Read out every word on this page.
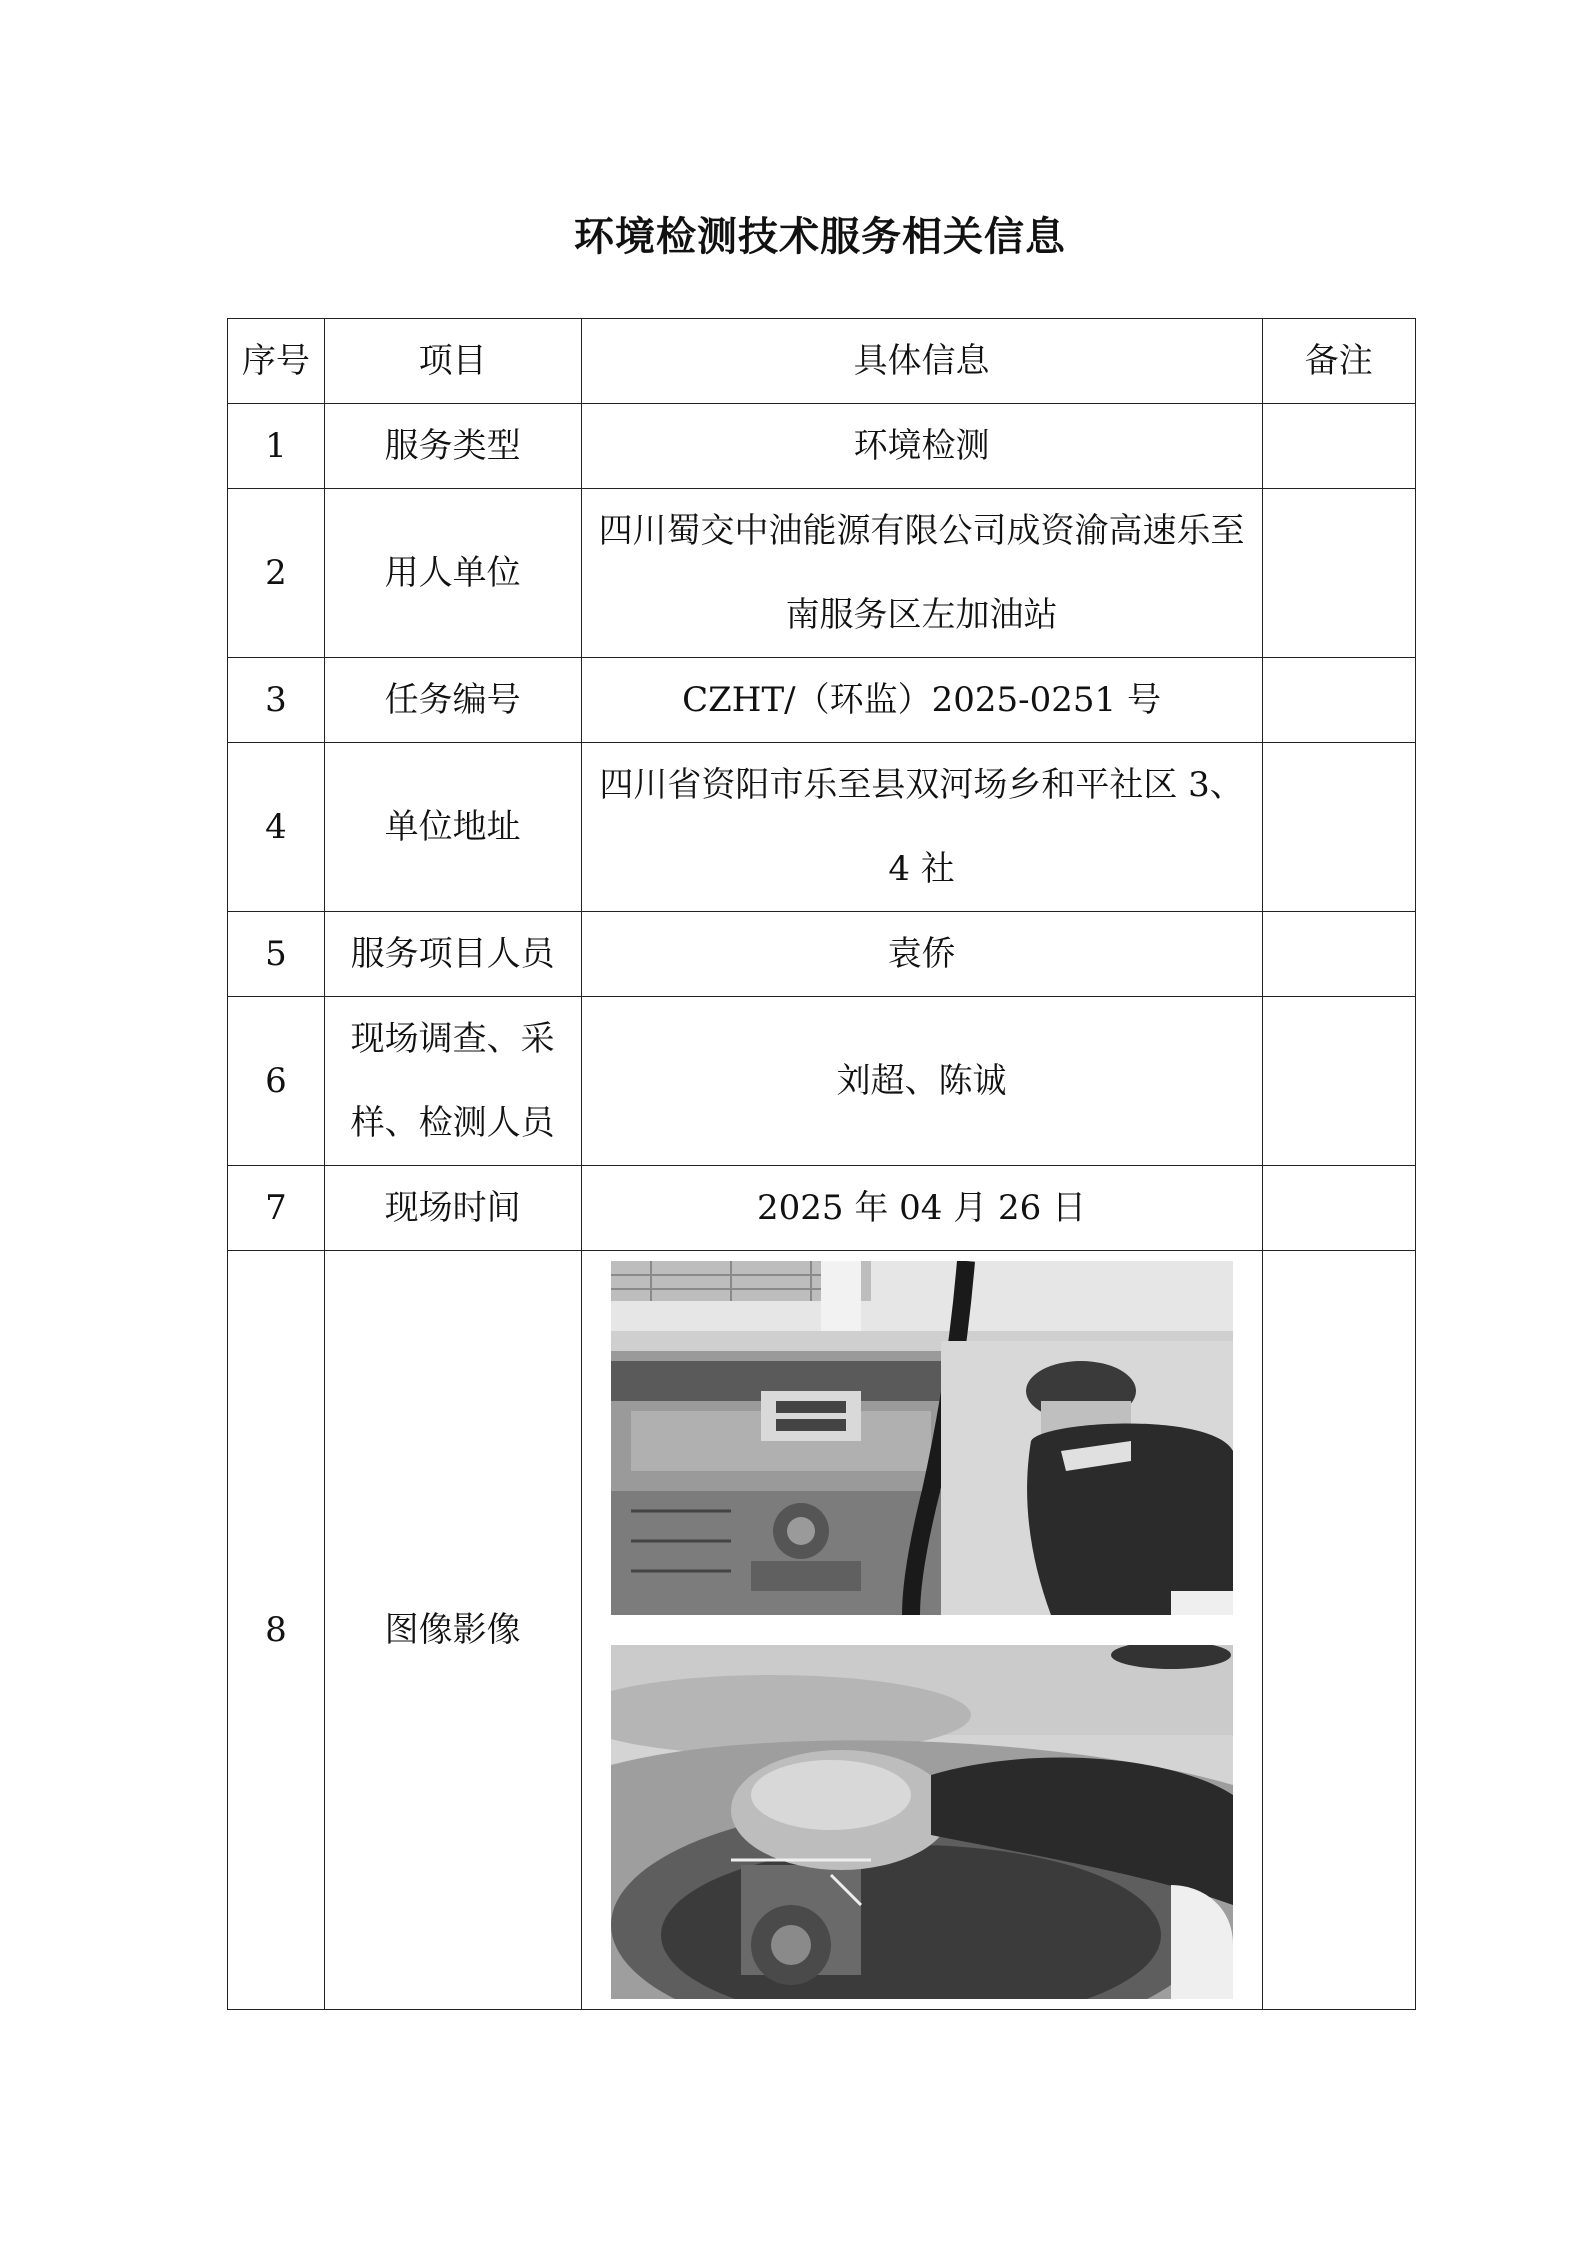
环境检测技术服务相关信息
序号	项目	具体信息	备注
1	服务类型	环境检测	
2	用人单位	四川蜀交中油能源有限公司成资渝高速乐至南服务区左加油站	
3	任务编号	CZHT/（环监）2025-0251 号	
4	单位地址	四川省资阳市乐至县双河场乡和平社区 3、4 社	
5	服务项目人员	袁侨	
6	现场调查、采样、检测人员	刘超、陈诚	
7	现场时间	2025 年 04 月 26 日	
8	图像影像	
